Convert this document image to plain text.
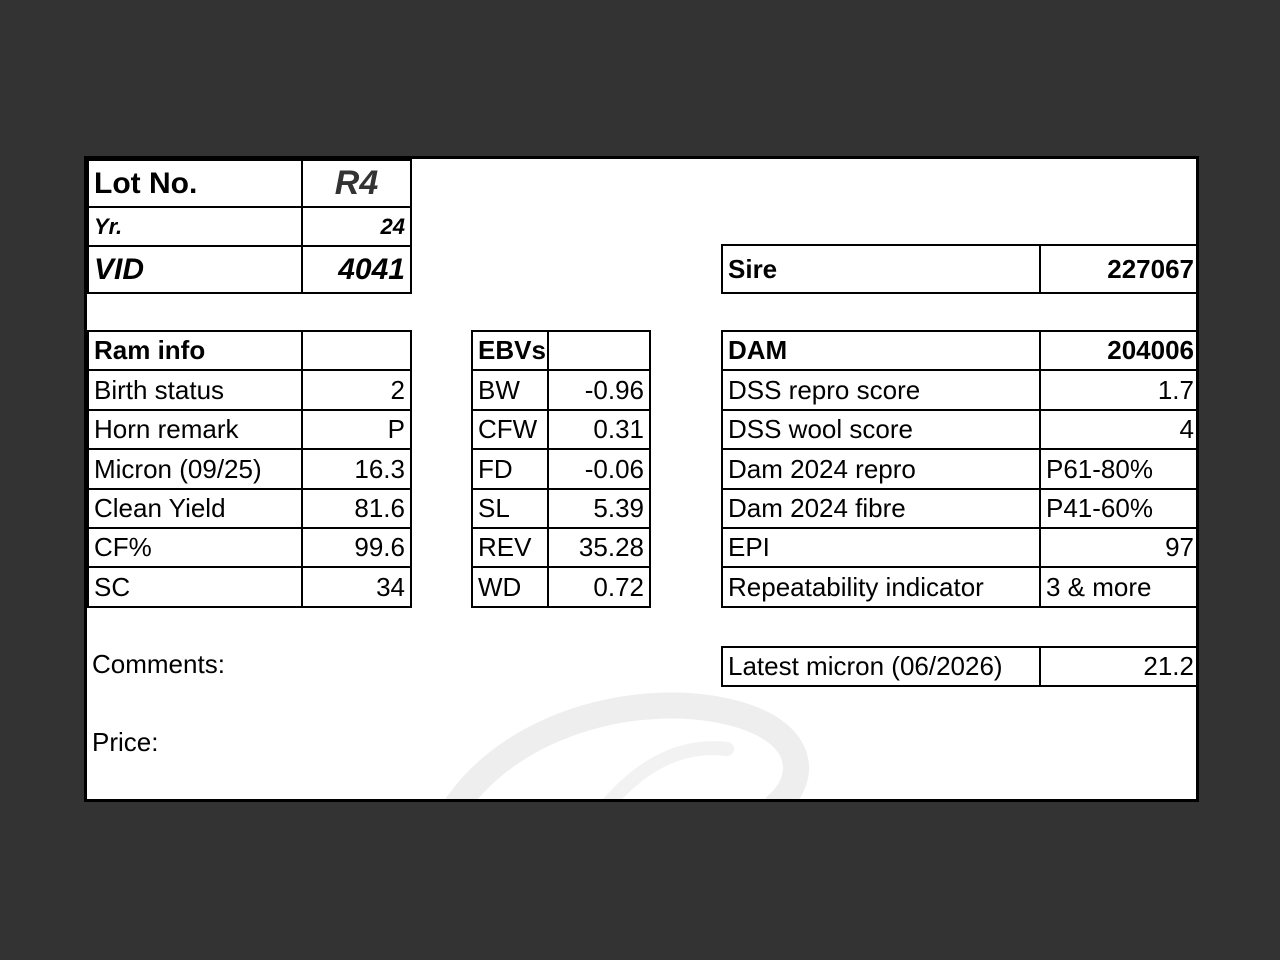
Lot No.	R4
Yr.	24
VID	4041	Sire	227067
Ram info	
Birth status	2
Horn remark	P
Micron (09/25)	16.3
Clean Yield	81.6
CF%	99.6
SC	34
EBVs	
BW	-0.96
CFW	0.31
FD	-0.06
SL	5.39
REV	35.28
WD	0.72
DAM	204006
DSS repro score	1.7
DSS wool score	4
Dam 2024 repro	P61-80%
Dam 2024 fibre	P41-60%
EPI	97
Repeatability indicator	3 & more
Latest micron (06/2026)	21.2
Comments:
Price:
